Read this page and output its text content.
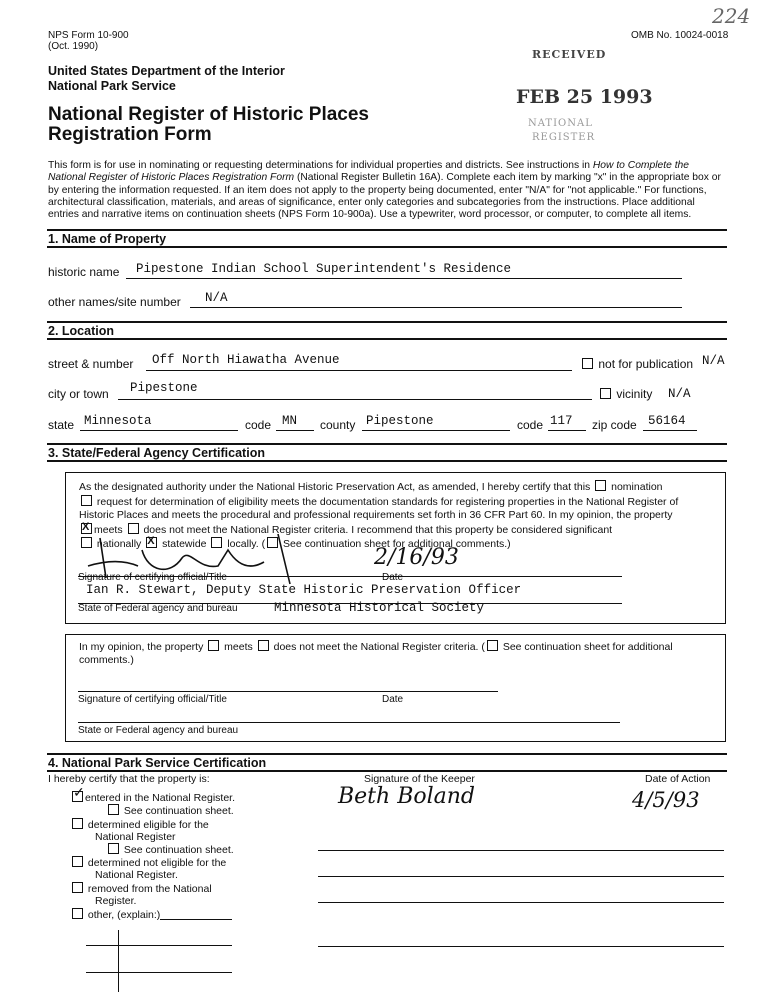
NPS Form 10-900
(Oct. 1990)
OMB No. 10024-0018
224
United States Department of the Interior
National Park Service
National Register of Historic Places
Registration Form
RECEIVED
FEB 25 1993
NATIONAL
REGISTER
This form is for use in nominating or requesting determinations for individual properties and districts. See instructions in How to Complete the National Register of Historic Places Registration Form (National Register Bulletin 16A). Complete each item by marking "x" in the appropriate box or by entering the information requested. If an item does not apply to the property being documented, enter "N/A" for "not applicable." For functions, architectural classification, materials, and areas of significance, enter only categories and subcategories from the instructions. Place additional entries and narrative items on continuation sheets (NPS Form 10-900a). Use a typewriter, word processor, or computer, to complete all items.
1. Name of Property
historic name Pipestone Indian School Superintendent's Residence
other names/site number N/A
2. Location
street & number Off North Hiawatha Avenue	not for publication N/A
city or town Pipestone	vicinity N/A
state Minnesota	code MN county Pipestone	code 117 zip code 56164
3. State/Federal Agency Certification
As the designated authority under the National Historic Preservation Act, as amended, I hereby certify that this nomination
request for determination of eligibility meets the documentation standards for registering properties in the National Register of
Historic Places and meets the procedural and professional requirements set forth in 36 CFR Part 60. In my opinion, the property
Xmeets does not meet the National Register criteria. I recommend that this property be considered significant
nationally X statewide locally. ( See continuation sheet for additional comments.)
2/16/93
Signature of certifying official/Title	Date
Ian R. Stewart, Deputy State Historic Preservation Officer
State of Federal agency and bureau	Minnesota Historical Society
In my opinion, the property meets does not meet the National Register criteria. ( See continuation sheet for additional
comments.)
Signature of certifying official/Title	Date
State or Federal agency and bureau
4. National Park Service Certification
I hereby certify that the property is:	Signature of the Keeper	Date of Action
✓entered in the National Register.
See continuation sheet.
determined eligible for the
National Register
See continuation sheet.
determined not eligible for the
National Register.
removed from the National
Register.
other, (explain:)
Beth Boland	4/5/93
